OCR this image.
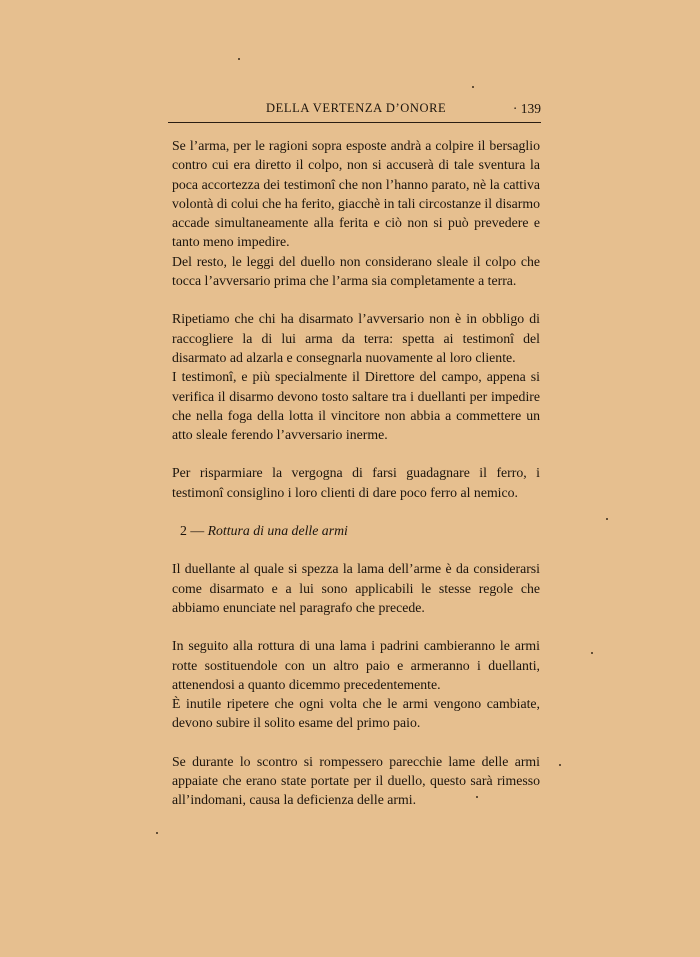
DELLA VERTENZA D’ONORE	· 139

Se l’arma, per le ragioni sopra esposte andrà a colpire il bersaglio contro cui era diretto il colpo, non si accuserà di tale sventura la poca accortezza dei testimonî che non l’hanno parato, nè la cattiva volontà di colui che ha ferito, giacchè in tali circostanze il disarmo accade simultaneamente alla ferita e ciò non si può prevedere e tanto meno impedire.

Del resto, le leggi del duello non considerano sleale il colpo che tocca l’avversario prima che l’arma sia completamente a terra.

Ripetiamo che chi ha disarmato l’avversario non è in obbligo di raccogliere la di lui arma da terra: spetta ai testimonî del disarmato ad alzarla e consegnarla nuovamente al loro cliente.

I testimonî, e più specialmente il Direttore del campo, appena si verifica il disarmo devono tosto saltare tra i duellanti per impedire che nella foga della lotta il vincitore non abbia a commettere un atto sleale ferendo l’avversario inerme.

Per risparmiare la vergogna di farsi guadagnare il ferro, i testimonî consiglino i loro clienti di dare poco ferro al nemico.

2 — Rottura di una delle armi

Il duellante al quale si spezza la lama dell’arme è da considerarsi come disarmato e a lui sono applicabili le stesse regole che abbiamo enunciate nel paragrafo che precede.

In seguito alla rottura di una lama i padrini cambieranno le armi rotte sostituendole con un altro paio e armeranno i duellanti, attenendosi a quanto dicemmo precedentemente.

È inutile ripetere che ogni volta che le armi vengono cambiate, devono subire il solito esame del primo paio.

Se durante lo scontro si rompessero parecchie lame delle armi appaiate che erano state portate per il duello, questo sarà rimesso all’indomani, causa la deficienza delle armi.
